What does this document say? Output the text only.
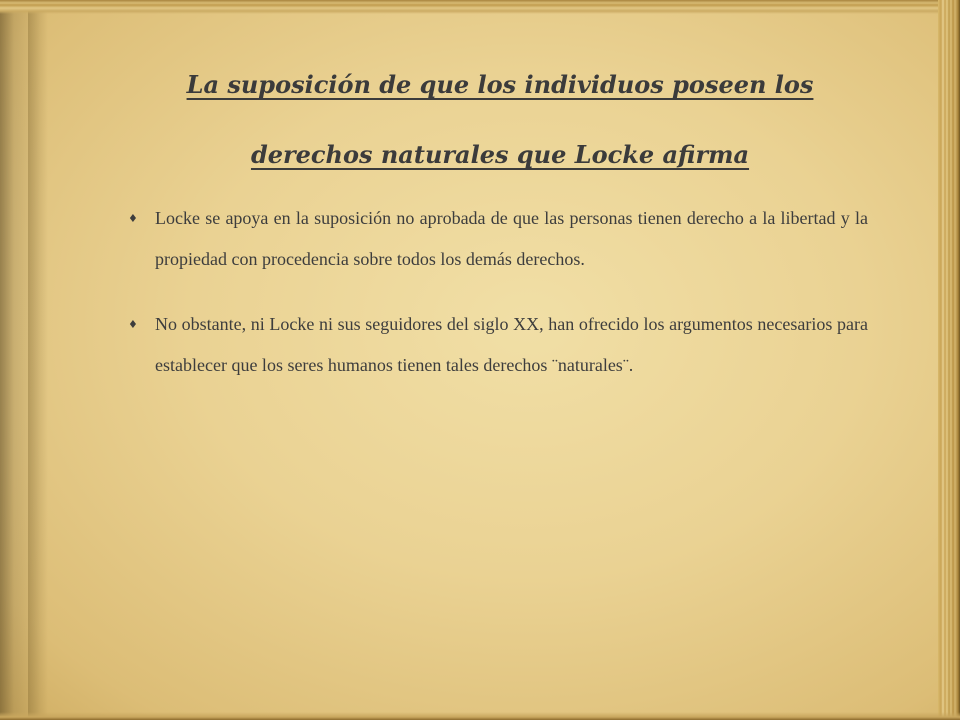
La suposición de que los individuos poseen los derechos naturales que Locke afirma
♦ Locke se apoya en la suposición no aprobada de que las personas tienen derecho a la libertad y la propiedad con procedencia sobre todos los demás derechos.
♦ No obstante, ni Locke ni sus seguidores del siglo XX, han ofrecido los argumentos necesarios para establecer que los seres humanos tienen tales derechos ¨naturales¨.
